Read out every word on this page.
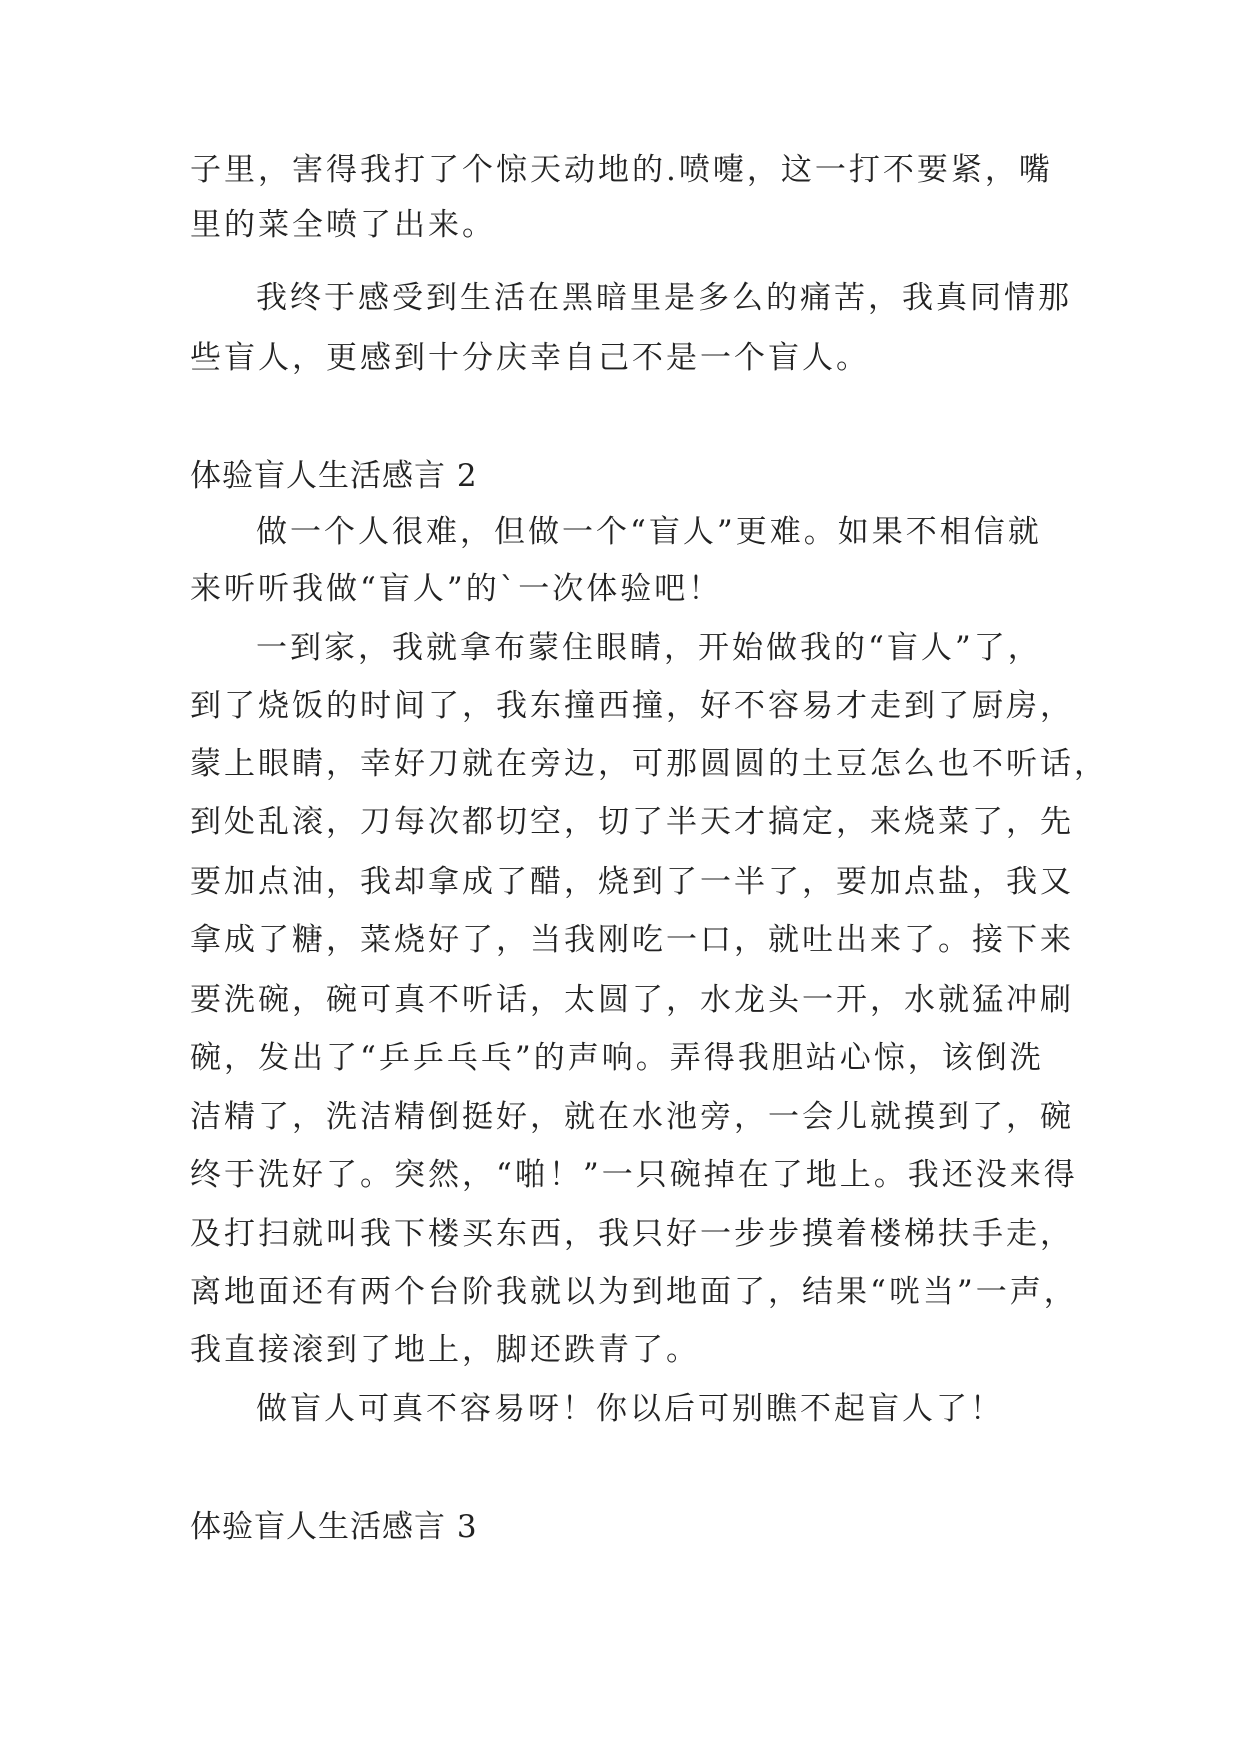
子里，害得我打了个惊天动地的.喷嚏，这一打不要紧，嘴
里的菜全喷了出来。
我终于感受到生活在黑暗里是多么的痛苦，我真同情那
些盲人，更感到十分庆幸自己不是一个盲人。
体验盲人生活感言 2
做一个人很难，但做一个“盲人”更难。如果不相信就
来听听我做“盲人”的`一次体验吧！
一到家，我就拿布蒙住眼睛，开始做我的“盲人”了，
到了烧饭的时间了，我东撞西撞，好不容易才走到了厨房，
蒙上眼睛，幸好刀就在旁边，可那圆圆的土豆怎么也不听话，
到处乱滚，刀每次都切空，切了半天才搞定，来烧菜了，先
要加点油，我却拿成了醋，烧到了一半了，要加点盐，我又
拿成了糖，菜烧好了，当我刚吃一口，就吐出来了。接下来
要洗碗，碗可真不听话，太圆了，水龙头一开，水就猛冲刷
碗，发出了“乒乒乓乓”的声响。弄得我胆站心惊，该倒洗
洁精了，洗洁精倒挺好，就在水池旁，一会儿就摸到了，碗
终于洗好了。突然，“啪！”一只碗掉在了地上。我还没来得
及打扫就叫我下楼买东西，我只好一步步摸着楼梯扶手走，
离地面还有两个台阶我就以为到地面了，结果“咣当”一声，
我直接滚到了地上，脚还跌青了。
做盲人可真不容易呀！你以后可别瞧不起盲人了！
体验盲人生活感言 3
